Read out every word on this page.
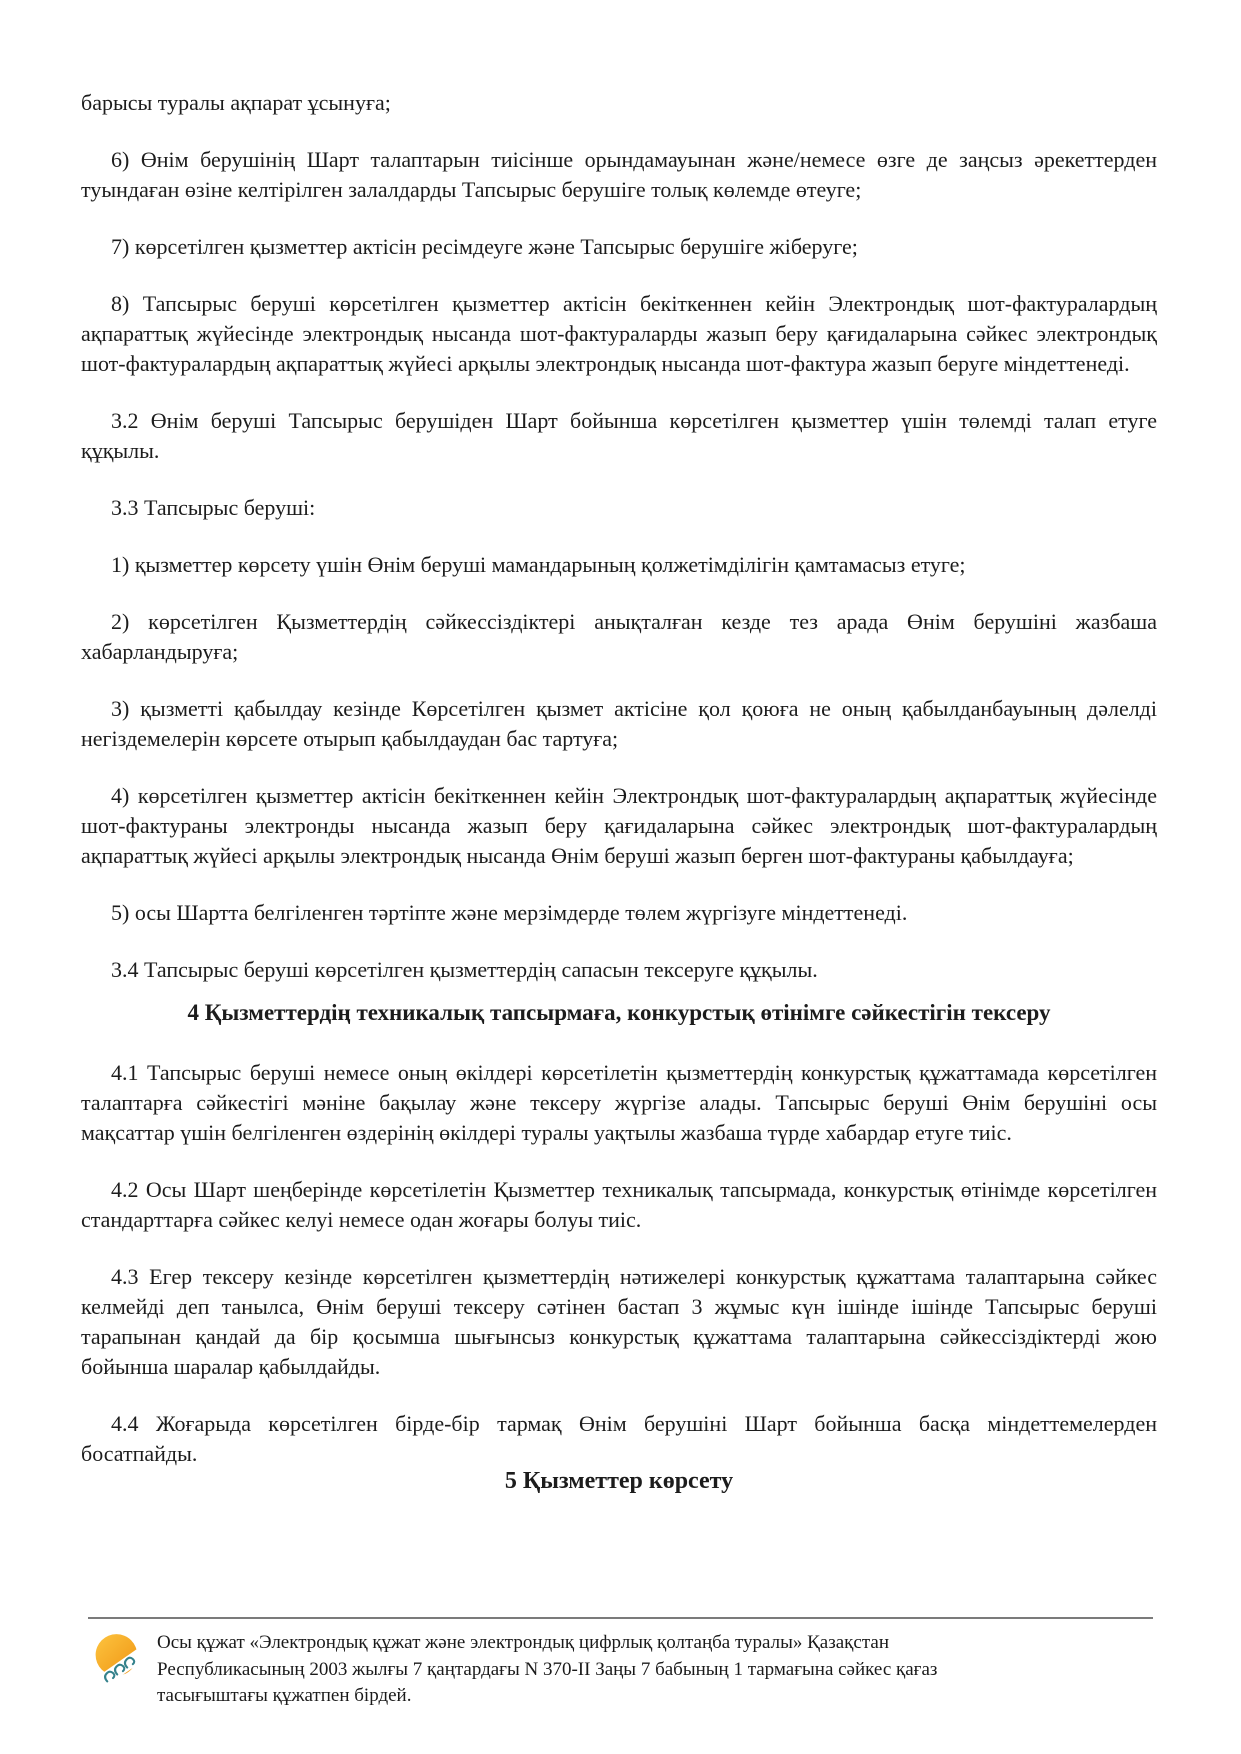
барысы туралы ақпарат ұсынуға;

6) Өнім берушінің Шарт талаптарын тиісінше орындамауынан және/немесе өзге де заңсыз әрекеттерден туындаған өзіне келтірілген залалдарды Тапсырыс берушіге толық көлемде өтеуге;

7) көрсетілген қызметтер актісін ресімдеуге және Тапсырыс берушіге жіберуге;

8) Тапсырыс беруші көрсетілген қызметтер актісін бекіткеннен кейін Электрондық шот-фактуралардың ақпараттық жүйесінде электрондық нысанда шот-фактураларды жазып беру қағидаларына сәйкес электрондық шот-фактуралардың ақпараттық жүйесі арқылы электрондық нысанда шот-фактура жазып беруге міндеттенеді.

3.2 Өнім беруші Тапсырыс берушіден Шарт бойынша көрсетілген қызметтер үшін төлемді талап етуге құқылы.

3.3 Тапсырыс беруші:

1) қызметтер көрсету үшін Өнім беруші мамандарының қолжетімділігін қамтамасыз етуге;

2) көрсетілген Қызметтердің сәйкессіздіктері анықталған кезде тез арада Өнім берушіні жазбаша хабарландыруға;

3) қызметті қабылдау кезінде Көрсетілген қызмет актісіне қол қоюға не оның қабылданбауының дәлелді негіздемелерін көрсете отырып қабылдаудан бас тартуға;

4) көрсетілген қызметтер актісін бекіткеннен кейін Электрондық шот-фактуралардың ақпараттық жүйесінде шот-фактураны электронды нысанда жазып беру қағидаларына сәйкес электрондық шот-фактуралардың ақпараттық жүйесі арқылы электрондық нысанда Өнім беруші жазып берген шот-фактураны қабылдауға;

5) осы Шартта белгіленген тәртіпте және мерзімдерде төлем жүргізуге міндеттенеді.

3.4 Тапсырыс беруші көрсетілген қызметтердің сапасын тексеруге құқылы.

4 Қызметтердің техникалық тапсырмаға, конкурстық өтінімге сәйкестігін тексеру

4.1 Тапсырыс беруші немесе оның өкілдері көрсетілетін қызметтердің конкурстық құжаттамада көрсетілген талаптарға сәйкестігі мәніне бақылау және тексеру жүргізе алады. Тапсырыс беруші Өнім берушіні осы мақсаттар үшін белгіленген өздерінің өкілдері туралы уақтылы жазбаша түрде хабардар етуге тиіс.

4.2 Осы Шарт шеңберінде көрсетілетін Қызметтер техникалық тапсырмада, конкурстық өтінімде көрсетілген стандарттарға сәйкес келуі немесе одан жоғары болуы тиіс.

4.3 Егер тексеру кезінде көрсетілген қызметтердің нәтижелері конкурстық құжаттама талаптарына сәйкес келмейді деп танылса, Өнім беруші тексеру сәтінен бастап 3 жұмыс күн ішінде ішінде Тапсырыс беруші тарапынан қандай да бір қосымша шығынсыз конкурстық құжаттама талаптарына сәйкессіздіктерді жою бойынша шаралар қабылдайды.

4.4 Жоғарыда көрсетілген бірде-бір тармақ Өнім берушіні Шарт бойынша басқа міндеттемелерден босатпайды.

5 Қызметтер көрсету

Осы құжат «Электрондық құжат және электрондық цифрлық қолтаңба туралы» Қазақстан Республикасының 2003 жылғы 7 қаңтардағы N 370-II Заңы 7 бабының 1 тармағына сәйкес қағаз тасығыштағы құжатпен бірдей.
